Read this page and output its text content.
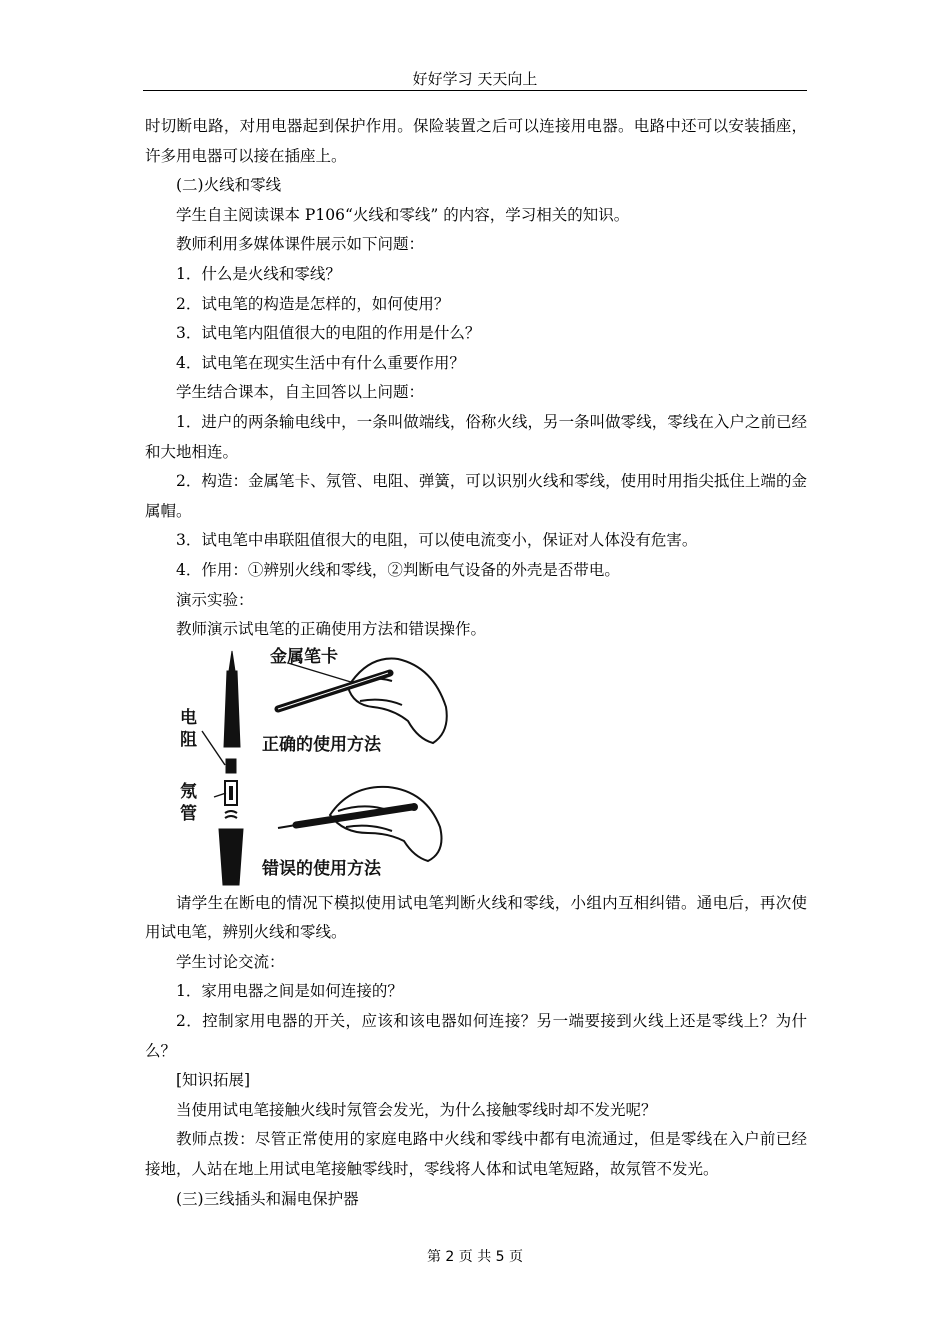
好好学习 天天向上

时切断电路，对用电器起到保护作用。保险装置之后可以连接用电器。电路中还可以安装插座，许多用电器可以接在插座上。

(二)火线和零线

学生自主阅读课本 P106“火线和零线” 的内容，学习相关的知识。

教师利用多媒体课件展示如下问题：

1．什么是火线和零线？

2．试电笔的构造是怎样的，如何使用？

3．试电笔内阻值很大的电阻的作用是什么？

4．试电笔在现实生活中有什么重要作用？

学生结合课本，自主回答以上问题：

1．进户的两条输电线中，一条叫做端线，俗称火线，另一条叫做零线，零线在入户之前已经和大地相连。

2．构造：金属笔卡、氖管、电阻、弹簧，可以识别火线和零线，使用时用指尖抵住上端的金属帽。

3．试电笔中串联阻值很大的电阻，可以使电流变小，保证对人体没有危害。

4．作用：①辨别火线和零线，②判断电气设备的外壳是否带电。

演示实验：

教师演示试电笔的正确使用方法和错误操作。

金属笔卡
电阻
氖管
正确的使用方法
错误的使用方法

请学生在断电的情况下模拟使用试电笔判断火线和零线，小组内互相纠错。通电后，再次使用试电笔，辨别火线和零线。

学生讨论交流：

1．家用电器之间是如何连接的？

2．控制家用电器的开关，应该和该电器如何连接？另一端要接到火线上还是零线上？为什么？

[知识拓展]

当使用试电笔接触火线时氖管会发光，为什么接触零线时却不发光呢？

教师点拨：尽管正常使用的家庭电路中火线和零线中都有电流通过，但是零线在入户前已经接地，人站在地上用试电笔接触零线时，零线将人体和试电笔短路，故氖管不发光。

(三)三线插头和漏电保护器

第 2 页 共 5 页
